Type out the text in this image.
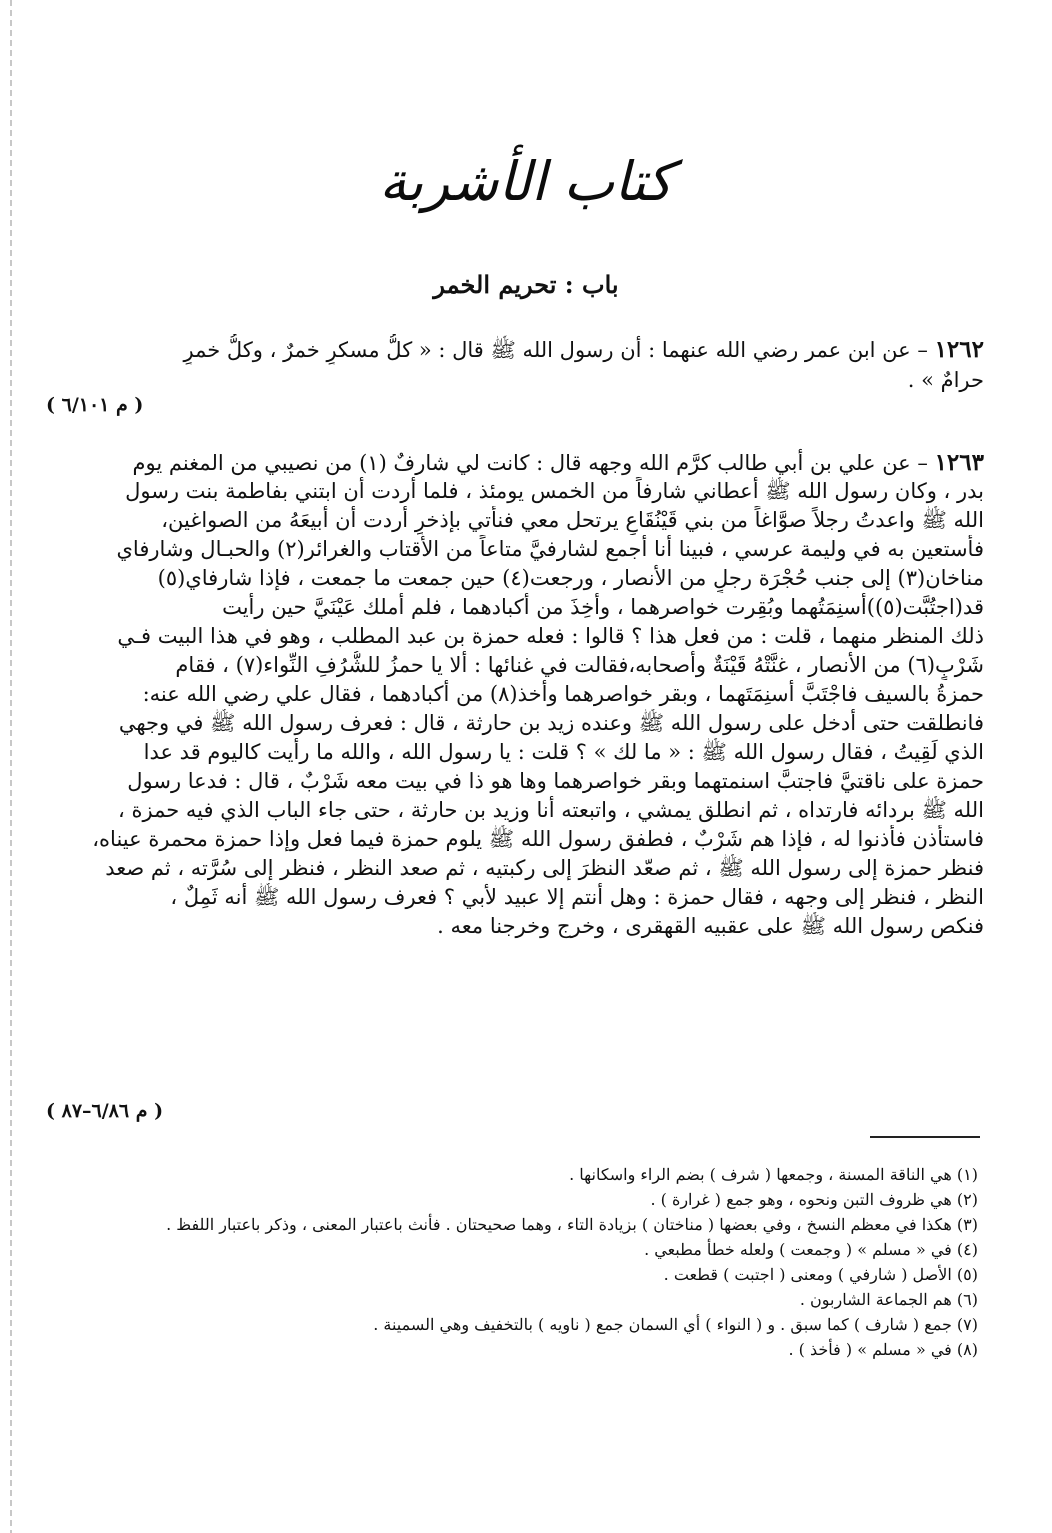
كتاب الأشربة
باب : تحريم الخمر
١٢٦٢ – عن ابن عمر رضي الله عنهما : أن رسول الله ﷺ قال : « كلُّ مسكرٍ خمرٌ ، وكلُّ خمرٍ
حرامٌ » .
( م ٦/١٠١ )
١٢٦٣ – عن علي بن أبي طالب كرَّم الله وجهه قال : كانت لي شارفٌ (١) من نصيبي من المغنم يوم
بدر ، وكان رسول الله ﷺ أعطاني شارفاً من الخمس يومئذ ، فلما أردت أن ابتني بفاطمة بنت رسول
الله ﷺ واعدتُ رجلاً صوَّاغاً من بني قَيْنُقَاعٍ يرتحل معي فنأتي بإذخرٍ أردت أن أبيعَهُ من الصواغين،
فأستعين به في وليمة عرسي ، فبينا أنا أجمع لشارفيَّ متاعاً من الأقتاب والغرائر(٢) والحبـال وشارفاي
مناخان(٣) إلى جنب حُجْرَة رجلٍ من الأنصار ، ورجعت(٤) حين جمعت ما جمعت ، فإذا شارفاي(٥)
قد(اجتُبَّت(٥))أسنِمَتُهما وبُقِرت خواصرهما ، وأُخِذَ من أكبادهما ، فلم أملك عَيْنَيَّ حين رأيت
ذلك المنظر منهما ، قلت : من فعل هذا ؟ قالوا : فعله حمزة بن عبد المطلب ، وهو في هذا البيت فـي
شَرْبٍ(٦) من الأنصار ، غنَّتْهُ قَيْنَةٌ وأصحابه،فقالت في غنائها : ألا يا حمزُ للشُّرُفِ النِّواء(٧) ، فقام
حمزةُ بالسيف فاجْتَبَّ أسنِمَتَهما ، وبقر خواصرهما وأخذ(٨) من أكبادهما ، فقال علي رضي الله عنه:
فانطلقت حتى أدخل على رسول الله ﷺ وعنده زيد بن حارثة ، قال : فعرف رسول الله ﷺ في وجهي
الذي لَقِيتُ ، فقال رسول الله ﷺ : « ما لك » ؟ قلت : يا رسول الله ، والله ما رأيت كاليوم قد عدا
حمزة على ناقتيَّ فاجتبَّ اسنمتهما وبقر خواصرهما وها هو ذا في بيت معه شَرْبٌ ، قال : فدعا رسول
الله ﷺ بردائه فارتداه ، ثم انطلق يمشي ، واتبعته أنا وزيد بن حارثة ، حتى جاء الباب الذي فيه حمزة ،
فاستأذن فأذنوا له ، فإذا هم شَرْبٌ ، فطفق رسول الله ﷺ يلوم حمزة فيما فعل وإذا حمزة محمرة عيناه،
فنظر حمزة إلى رسول الله ﷺ ، ثم صعّد النظرَ إلى ركبتيه ، ثم صعد النظر ، فنظر إلى سُرَّته ، ثم صعد
النظر ، فنظر إلى وجهه ، فقال حمزة : وهل أنتم إلا عبيد لأبي ؟ فعرف رسول الله ﷺ أنه ثَمِلٌ ،
فنكص رسول الله ﷺ على عقبيه القهقرى ، وخرج وخرجنا معه .
( م ٦/٨٦–٨٧ )
(١) هي الناقة المسنة ، وجمعها ( شرف ) بضم الراء واسكانها .
(٢) هي ظروف التبن ونحوه ، وهو جمع ( غرارة ) .
(٣) هكذا في معظم النسخ ، وفي بعضها ( مناختان ) بزيادة التاء ، وهما صحيحتان . فأنث باعتبار المعنى ، وذكر باعتبار اللفظ .
(٤) في « مسلم » ( وجمعت ) ولعله خطأ مطبعي .
(٥) الأصل ( شارفي ) ومعنى ( اجتبت ) قطعت .
(٦) هم الجماعة الشاربون .
(٧) جمع ( شارف ) كما سبق . و ( النواء ) أي السمان جمع ( ناويه ) بالتخفيف وهي السمينة .
(٨) في « مسلم » ( فأخذ ) .
